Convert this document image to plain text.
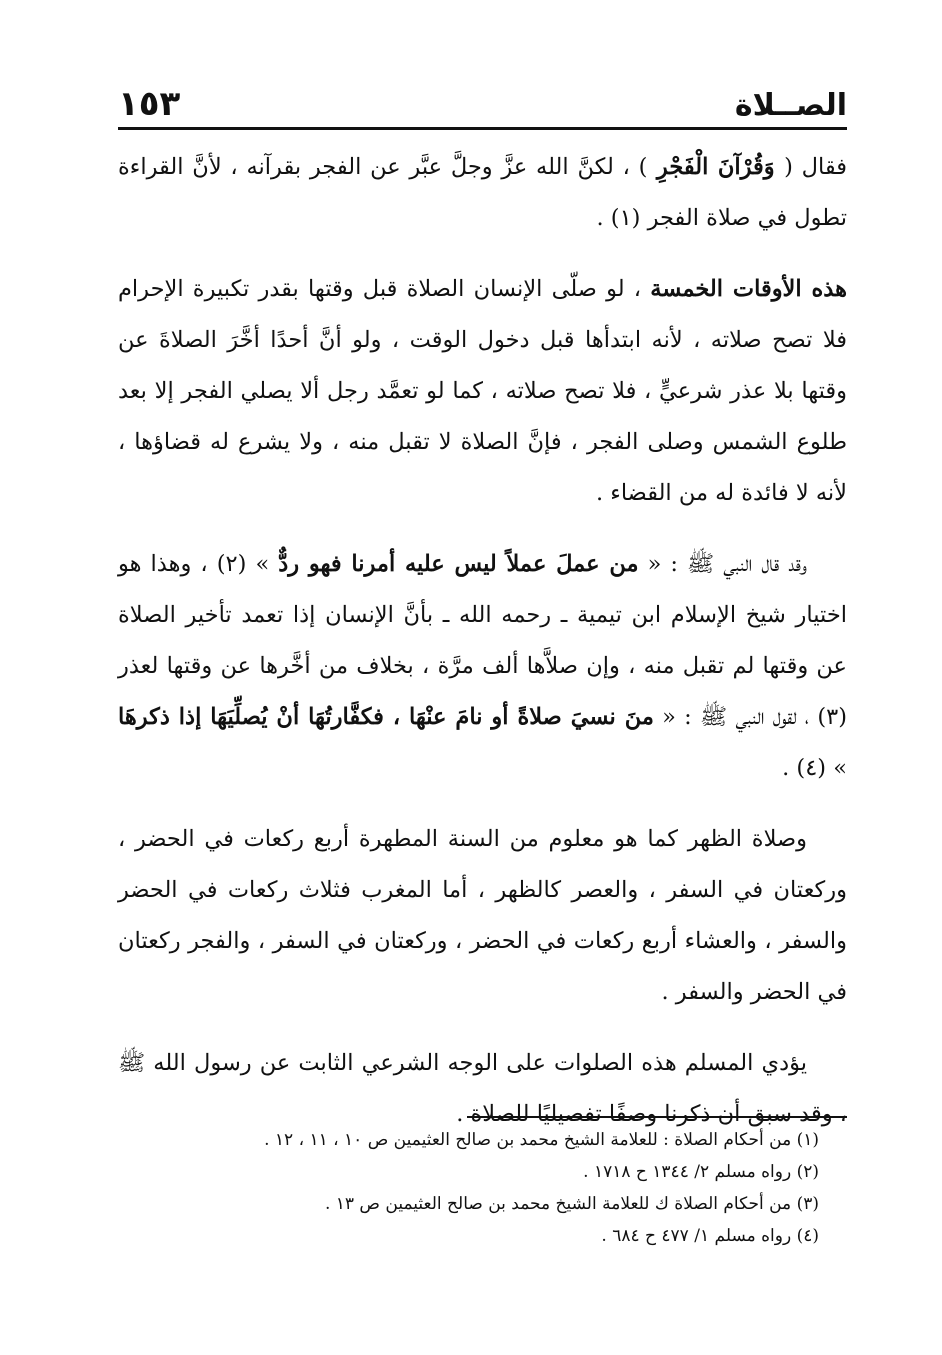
الصــلاة
١٥٣

فقال ( وَقُرْآنَ الْفَجْرِ ) ، لكنَّ الله عزَّ وجلَّ عبَّر عن الفجر بقرآنه ، لأنَّ القراءة تطول في صلاة الفجر (١) .

هذه الأوقات الخمسة ، لو صلّى الإنسان الصلاة قبل وقتها بقدر تكبيرة الإحرام فلا تصح صلاته ، لأنه ابتدأها قبل دخول الوقت ، ولو أنَّ أحدًا أخَّرَ الصلاةَ عن وقتها بلا عذر شرعيٍّ ، فلا تصح صلاته ، كما لو تعمَّد رجل ألا يصلي الفجر إلا بعد طلوع الشمس وصلى الفجر ، فإنَّ الصلاة لا تقبل منه ، ولا يشرع له قضاؤها ، لأنه لا فائدة له من القضاء .

وقد قال النبي ﷺ : « من عملَ عملاً ليس عليه أمرنا فهو ردٌّ » (٢) ، وهذا هو اختيار شيخ الإسلام ابن تيمية ـ رحمه الله ـ بأنَّ الإنسان إذا تعمد تأخير الصلاة عن وقتها لم تقبل منه ، وإن صلاَّها ألف مرَّة ، بخلاف من أخَّرها عن وقتها لعذر (٣) ، لقول النبي ﷺ : « منَ نسيَ صلاةً أو نامَ عنْهَا ، فكفَّارتُهَا أنْ يُصلِّيَهَا إذا ذكرهَا » (٤) .

وصلاة الظهر كما هو معلوم من السنة المطهرة أربع ركعات في الحضر ، وركعتان في السفر ، والعصر كالظهر ، أما المغرب فثلاث ركعات في الحضر والسفر ، والعشاء أربع ركعات في الحضر ، وركعتان في السفر ، والفجر ركعتان في الحضر والسفر .

يؤدي المسلم هذه الصلوات على الوجه الشرعي الثابت عن رسول الله ﷺ ، وقد سبق أن ذكرنا وصفًا تفصيليًا للصلاة .

(١) من أحكام الصلاة : للعلامة الشيخ محمد بن صالح العثيمين ص ١٠ ، ١١ ، ١٢ .

(٢) رواه مسلم ٢/ ١٣٤٤ ح ١٧١٨ .

(٣) من أحكام الصلاة ك للعلامة الشيخ محمد بن صالح العثيمين ص ١٣ .

(٤) رواه مسلم ١/ ٤٧٧ ح ٦٨٤ .
